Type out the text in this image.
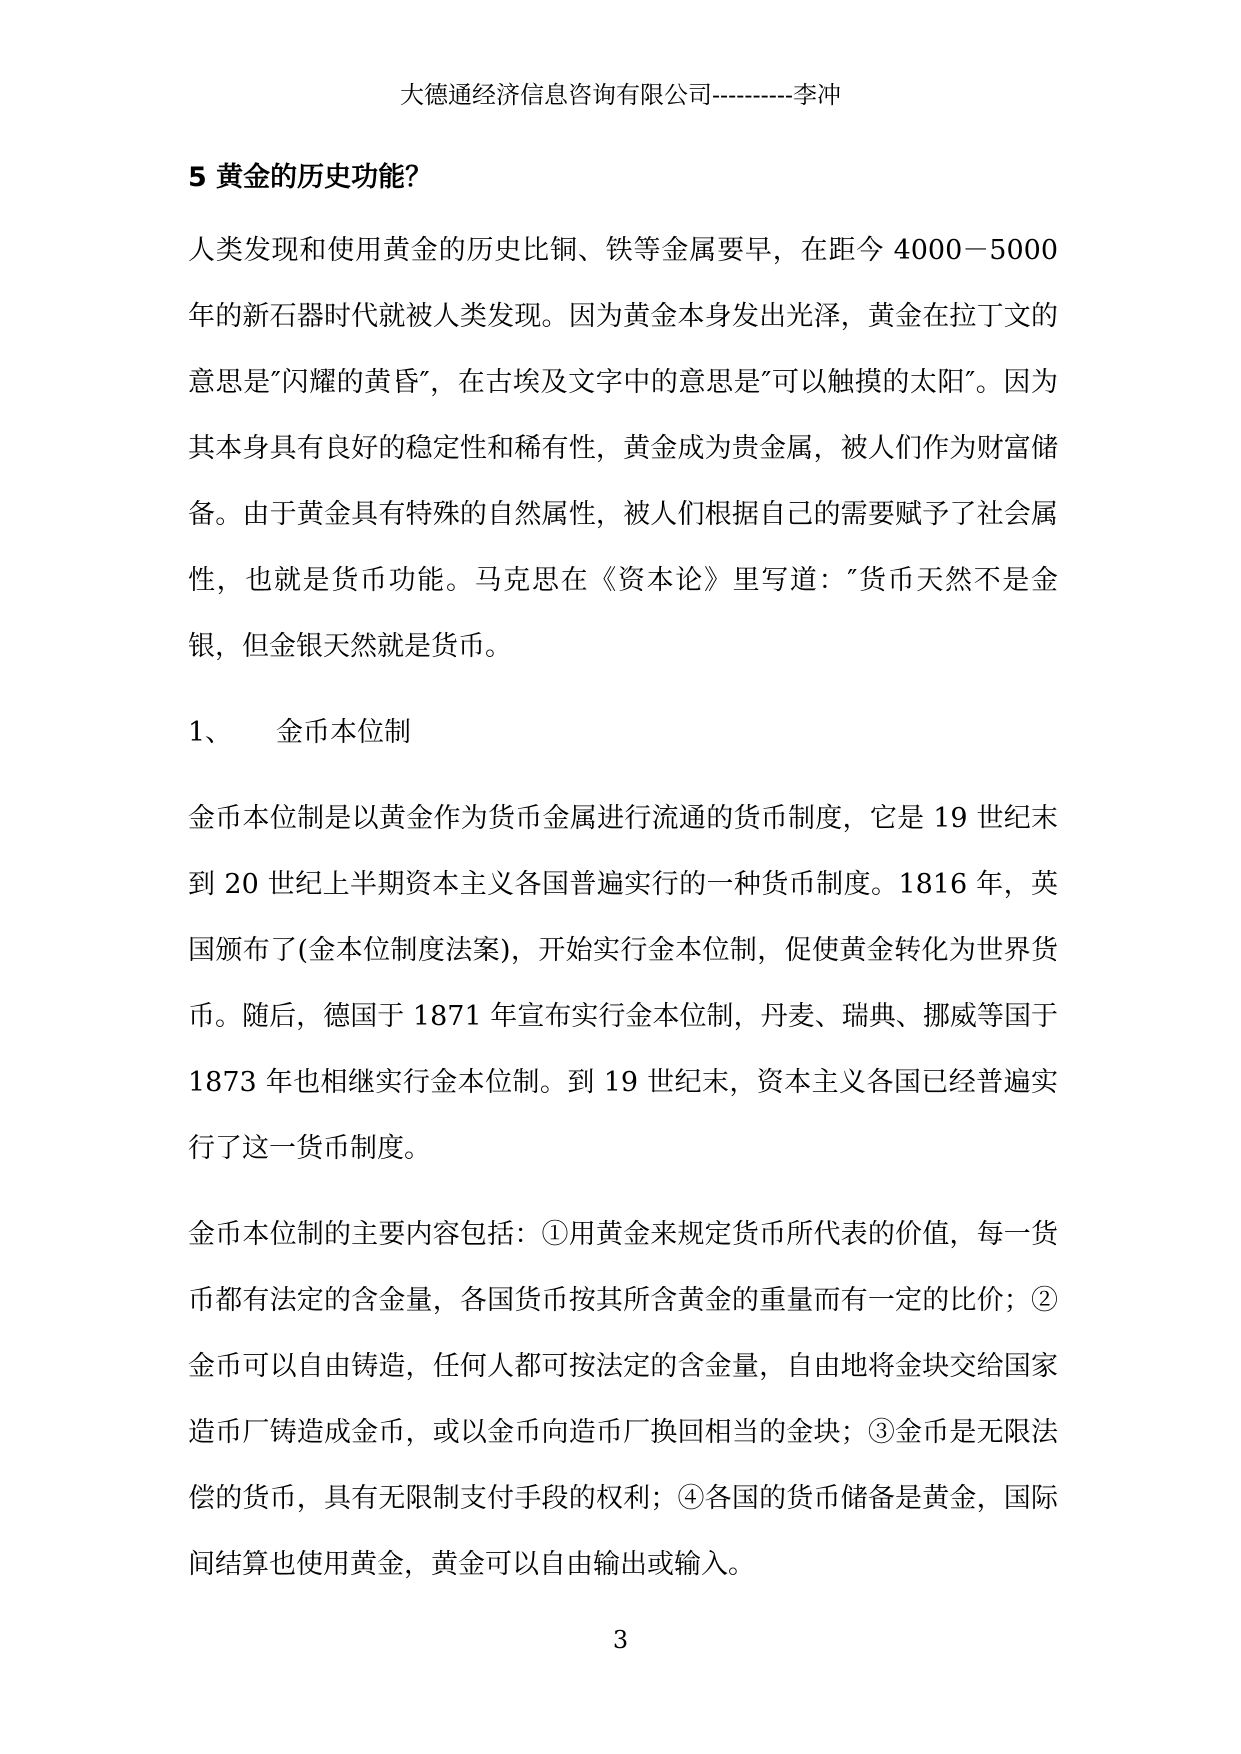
大德通经济信息咨询有限公司----------李冲
5 黄金的历史功能？

人类发现和使用黄金的历史比铜、铁等金属要早，在距今 4000－5000 年的新石器时代就被人类发现。因为黄金本身发出光泽，黄金在拉丁文的意思是″闪耀的黄昏″，在古埃及文字中的意思是″可以触摸的太阳″。因为其本身具有良好的稳定性和稀有性，黄金成为贵金属，被人们作为财富储备。由于黄金具有特殊的自然属性，被人们根据自己的需要赋予了社会属性，也就是货币功能。马克思在《资本论》里写道：″货币天然不是金银，但金银天然就是货币。

1、 金币本位制

金币本位制是以黄金作为货币金属进行流通的货币制度，它是 19 世纪末到 20 世纪上半期资本主义各国普遍实行的一种货币制度。1816 年，英国颁布了(金本位制度法案)，开始实行金本位制，促使黄金转化为世界货币。随后，德国于 1871 年宣布实行金本位制，丹麦、瑞典、挪威等国于 1873 年也相继实行金本位制。到 19 世纪末，资本主义各国已经普遍实行了这一货币制度。

金币本位制的主要内容包括：①用黄金来规定货币所代表的价值，每一货币都有法定的含金量，各国货币按其所含黄金的重量而有一定的比价；②金币可以自由铸造，任何人都可按法定的含金量，自由地将金块交给国家造币厂铸造成金币，或以金币向造币厂换回相当的金块；③金币是无限法偿的货币，具有无限制支付手段的权利；④各国的货币储备是黄金，国际间结算也使用黄金，黄金可以自由输出或输入。

3
